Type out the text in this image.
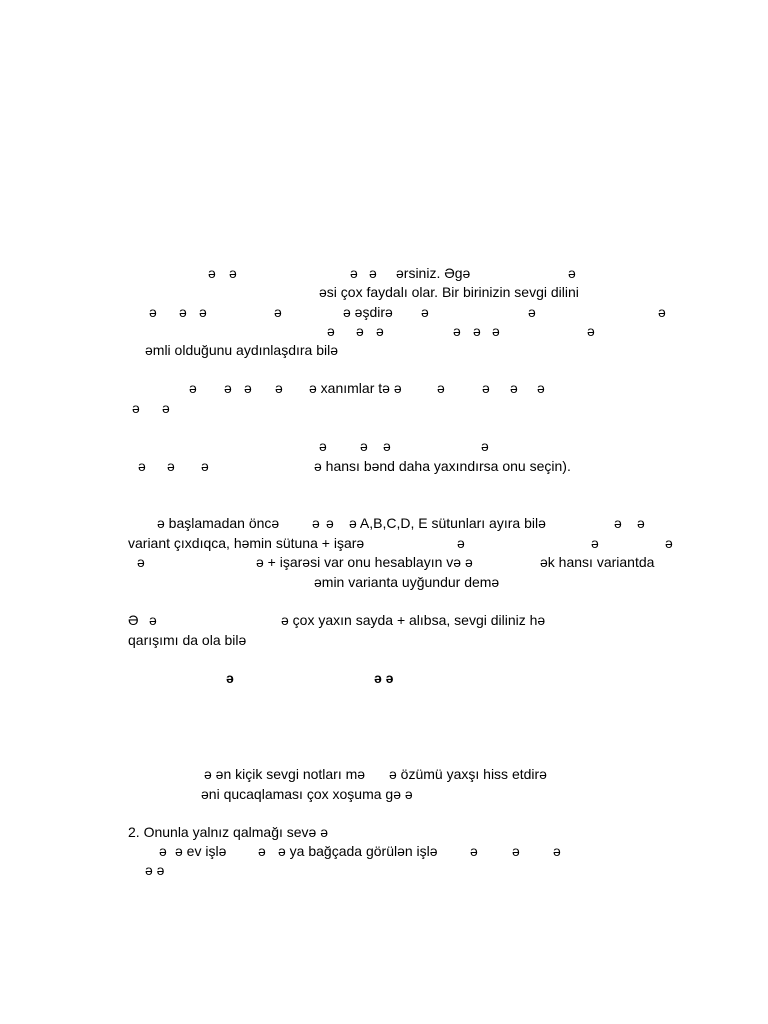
ə ə	ə ə ərsiniz. Əgə	ə
əsi çox faydalı olar. Bir birinizin sevgi dilini
ə ə ə	ə	ə əşdirə ə	ə	ə
ə ə ə	ə ə ə	ə
əmli olduğunu aydınlaşdıra bilə
ə ə ə ə ə xanımlar tə ə	ə	ə ə ə
ə ə
ə ə ə	ə
ə ə ə	ə hansı bənd daha yaxındırsa onu seçin).
ə başlamadan öncə ə ə ə A,B,C,D, E sütunları ayıra bilə	ə ə
variant çıxdıqca, həmin sütuna + işarə	ə	ə	ə
ə	ə + işarəsi var onu hesablayın və ə	ək hansı variantda
əmin varianta uyğundur demə
Ə ə	ə çox yaxın sayda + alıbsa, sevgi diliniz hə
qarışımı da ola bilə
ə	ə ə
ə ən kiçik sevgi notları mə ə özümü yaxşı hiss etdirə
əni qucaqlaması çox xoşuma gə ə
2. Onunla yalnız qalmağı sevə ə
ə ə ev işlə ə ə ya bağçada görülən işlə ə ə ə
ə ə
